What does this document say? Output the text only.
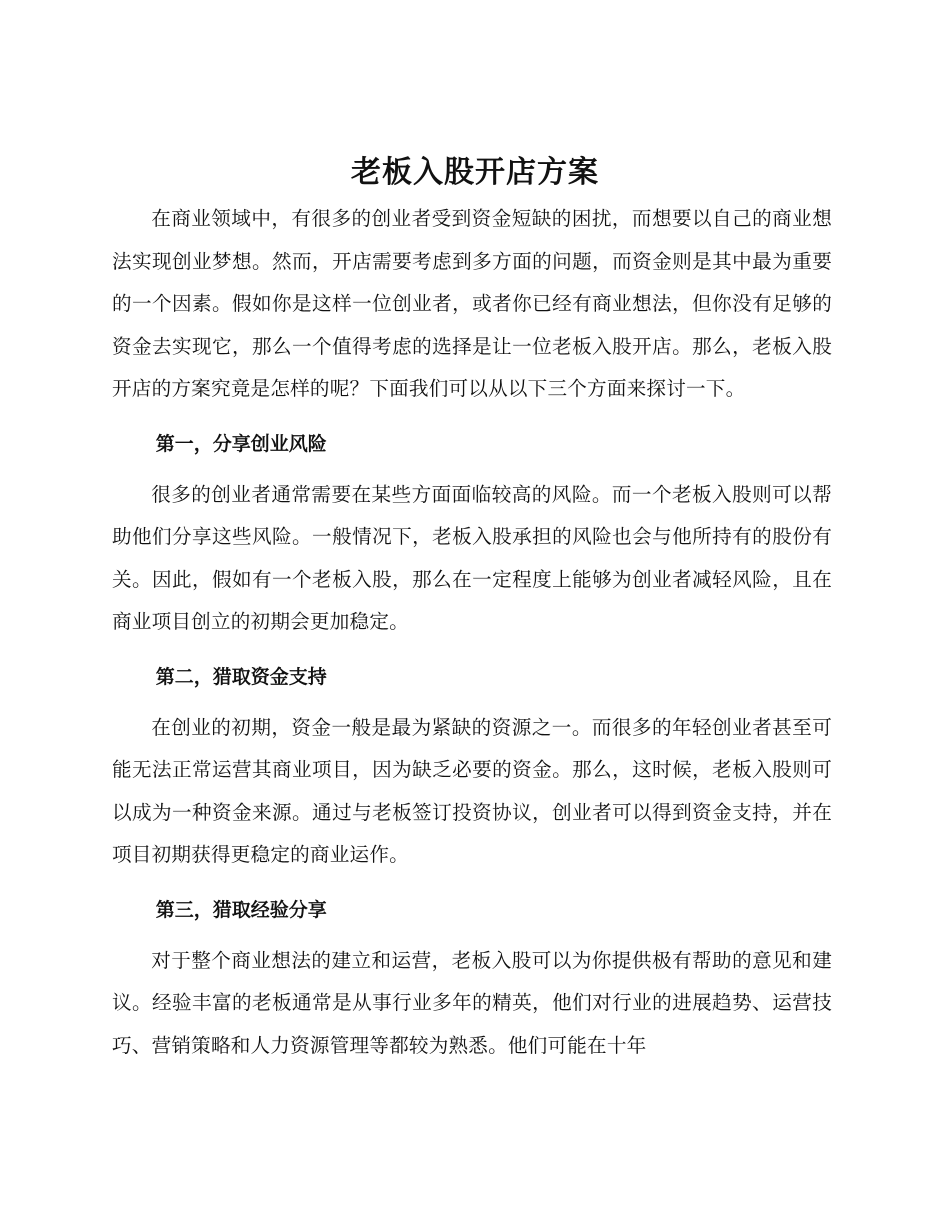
老板入股开店方案

在商业领域中，有很多的创业者受到资金短缺的困扰，而想要以自己的商业想法实现创业梦想。然而，开店需要考虑到多方面的问题，而资金则是其中最为重要的一个因素。假如你是这样一位创业者，或者你已经有商业想法，但你没有足够的资金去实现它，那么一个值得考虑的选择是让一位老板入股开店。那么，老板入股开店的方案究竟是怎样的呢？下面我们可以从以下三个方面来探讨一下。

第一，分享创业风险

很多的创业者通常需要在某些方面面临较高的风险。而一个老板入股则可以帮助他们分享这些风险。一般情况下，老板入股承担的风险也会与他所持有的股份有关。因此，假如有一个老板入股，那么在一定程度上能够为创业者减轻风险，且在商业项目创立的初期会更加稳定。

第二，猎取资金支持

在创业的初期，资金一般是最为紧缺的资源之一。而很多的年轻创业者甚至可能无法正常运营其商业项目，因为缺乏必要的资金。那么，这时候，老板入股则可以成为一种资金来源。通过与老板签订投资协议，创业者可以得到资金支持，并在项目初期获得更稳定的商业运作。

第三，猎取经验分享

对于整个商业想法的建立和运营，老板入股可以为你提供极有帮助的意见和建议。经验丰富的老板通常是从事行业多年的精英，他们对行业的进展趋势、运营技巧、营销策略和人力资源管理等都较为熟悉。他们可能在十年
